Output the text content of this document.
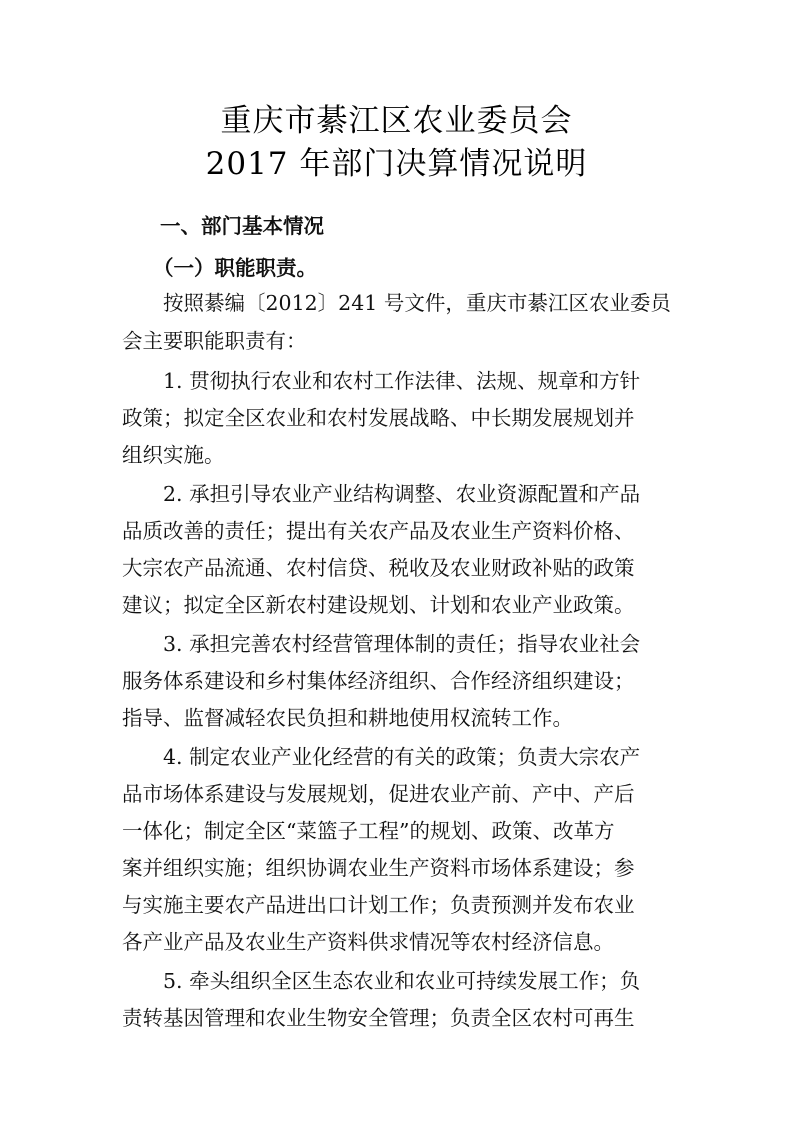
重庆市綦江区农业委员会
2017 年部门决算情况说明
一、部门基本情况
（一）职能职责。
按照綦编〔2012〕241 号文件，重庆市綦江区农业委员
会主要职能职责有：
1. 贯彻执行农业和农村工作法律、法规、规章和方针
政策；拟定全区农业和农村发展战略、中长期发展规划并
组织实施。
2. 承担引导农业产业结构调整、农业资源配置和产品
品质改善的责任；提出有关农产品及农业生产资料价格、
大宗农产品流通、农村信贷、税收及农业财政补贴的政策
建议；拟定全区新农村建设规划、计划和农业产业政策。
3. 承担完善农村经营管理体制的责任；指导农业社会
服务体系建设和乡村集体经济组织、合作经济组织建设；
指导、监督减轻农民负担和耕地使用权流转工作。
4. 制定农业产业化经营的有关的政策；负责大宗农产
品市场体系建设与发展规划，促进农业产前、产中、产后
一体化；制定全区“菜篮子工程”的规划、政策、改革方
案并组织实施；组织协调农业生产资料市场体系建设；参
与实施主要农产品进出口计划工作；负责预测并发布农业
各产业产品及农业生产资料供求情况等农村经济信息。
5. 牵头组织全区生态农业和农业可持续发展工作；负
责转基因管理和农业生物安全管理；负责全区农村可再生
